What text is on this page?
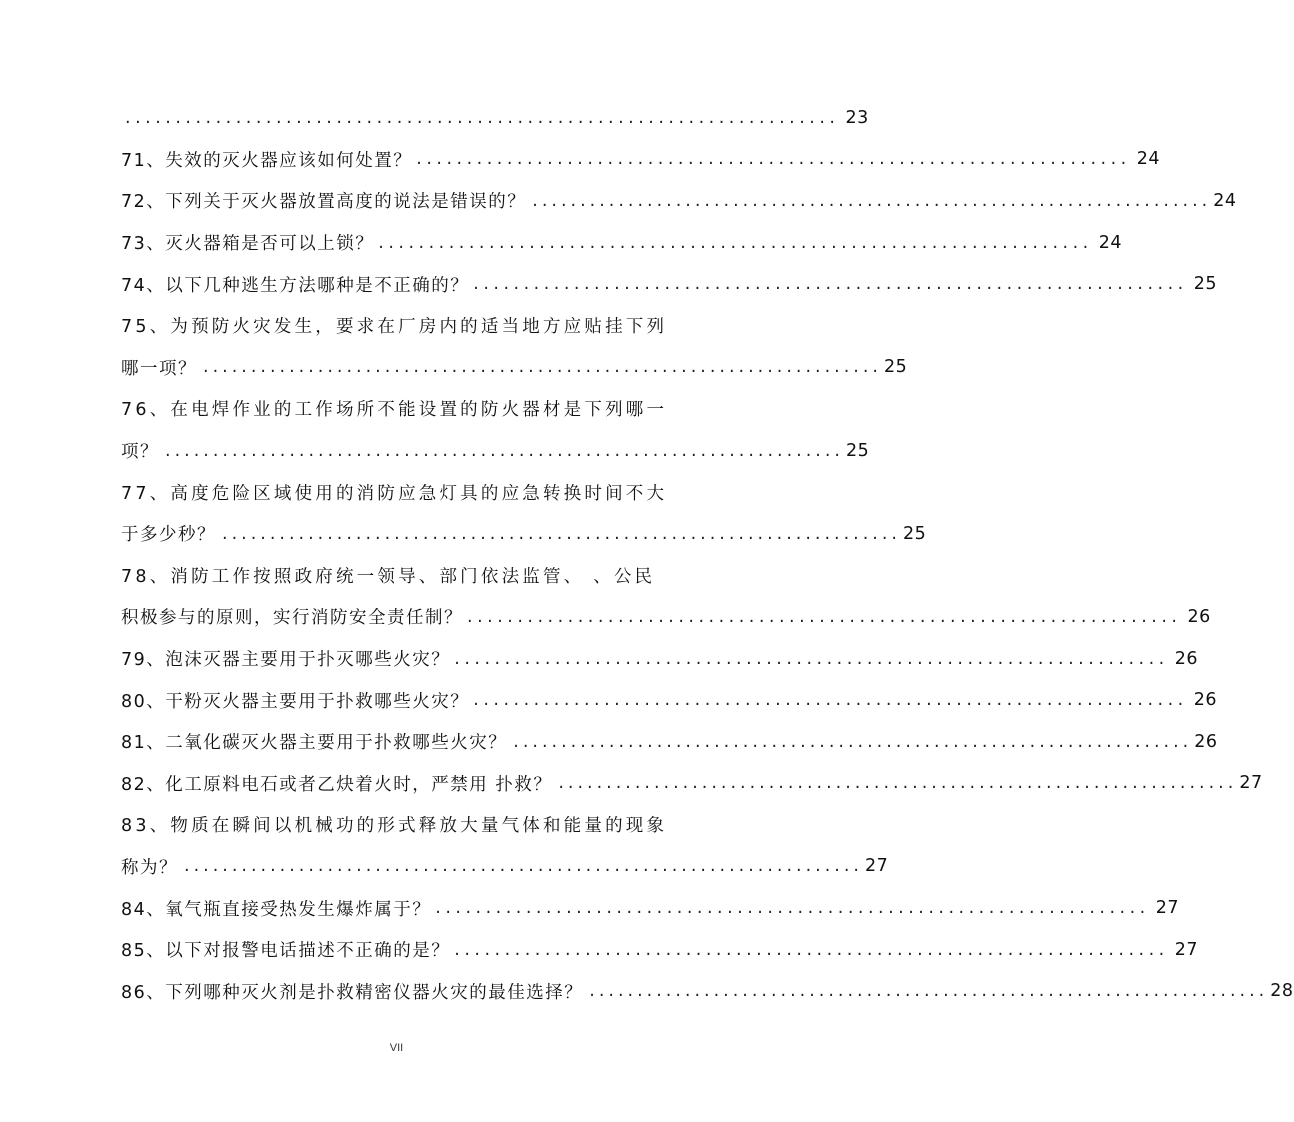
....................................................................... 23
71、失效的灭火器应该如何处置？ ....................................................................... 24
72、下列关于灭火器放置高度的说法是错误的？ ....................................................................... 24
73、灭火器箱是否可以上锁？ ....................................................................... 24
74、以下几种逃生方法哪种是不正确的？ ....................................................................... 25
75、为预防火灾发生，要求在厂房内的适当地方应贴挂下列
哪一项？ ....................................................................... 25
76、在电焊作业的工作场所不能设置的防火器材是下列哪一
项？ ....................................................................... 25
77、高度危险区域使用的消防应急灯具的应急转换时间不大
于多少秒？ ....................................................................... 25
78、消防工作按照政府统一领导、部门依法监管、 、公民
积极参与的原则，实行消防安全责任制？ ....................................................................... 26
79、泡沫灭器主要用于扑灭哪些火灾？ ....................................................................... 26
80、干粉灭火器主要用于扑救哪些火灾？ ....................................................................... 26
81、二氧化碳灭火器主要用于扑救哪些火灾？ ....................................................................... 26
82、化工原料电石或者乙炔着火时，严禁用 扑救？ ....................................................................... 27
83、物质在瞬间以机械功的形式释放大量气体和能量的现象
称为？ ....................................................................... 27
84、氧气瓶直接受热发生爆炸属于？ ....................................................................... 27
85、以下对报警电话描述不正确的是？ ....................................................................... 27
86、下列哪种灭火剂是扑救精密仪器火灾的最佳选择？ ....................................................................... 28
VII
